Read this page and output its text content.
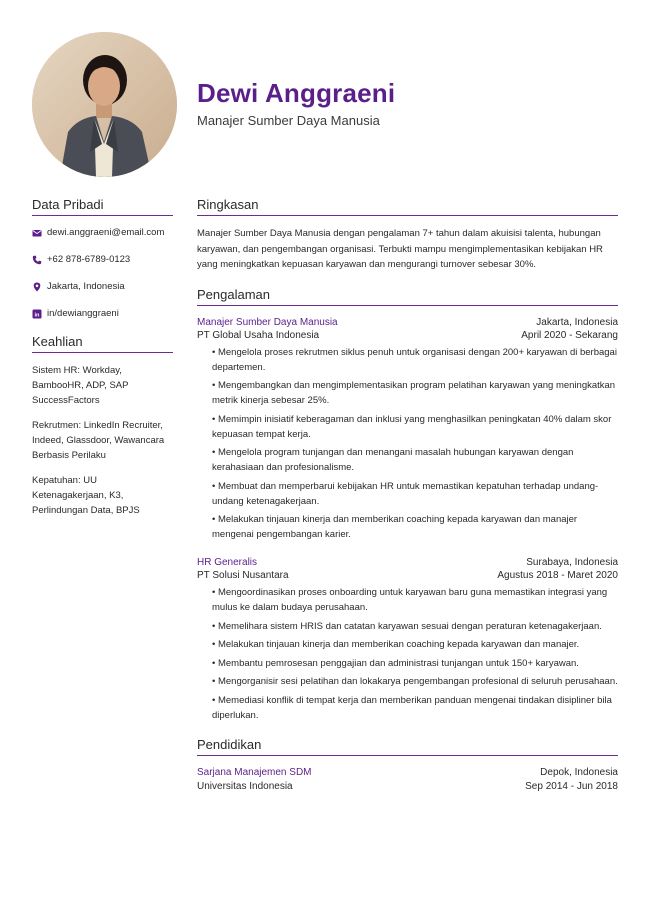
Dewi Anggraeni
Manajer Sumber Daya Manusia
Data Pribadi
dewi.anggraeni@email.com
+62 878-6789-0123
Jakarta, Indonesia
in in/dewianggraeni
Keahlian
Sistem HR: Workday, BambooHR, ADP, SAP SuccessFactors
Rekrutmen: LinkedIn Recruiter, Indeed, Glassdoor, Wawancara Berbasis Perilaku
Kepatuhan: UU Ketenagakerjaan, K3, Perlindungan Data, BPJS
Ringkasan

Manajer Sumber Daya Manusia dengan pengalaman 7+ tahun dalam akuisisi talenta, hubungan karyawan, dan pengembangan organisasi. Terbukti mampu mengimplementasikan kebijakan HR yang meningkatkan kepuasan karyawan dan mengurangi turnover sebesar 30%.

Pengalaman
Manajer Sumber Daya Manusia	Jakarta, Indonesia
PT Global Usaha Indonesia	April 2020 - Sekarang
• Mengelola proses rekrutmen siklus penuh untuk organisasi dengan 200+ karyawan di berbagai departemen.
• Mengembangkan dan mengimplementasikan program pelatihan karyawan yang meningkatkan metrik kinerja sebesar 25%.
• Memimpin inisiatif keberagaman dan inklusi yang menghasilkan peningkatan 40% dalam skor kepuasan tempat kerja.
• Mengelola program tunjangan dan menangani masalah hubungan karyawan dengan kerahasiaan dan profesionalisme.
• Membuat dan memperbarui kebijakan HR untuk memastikan kepatuhan terhadap undang-undang ketenagakerjaan.
• Melakukan tinjauan kinerja dan memberikan coaching kepada karyawan dan manajer mengenai pengembangan karier.
HR Generalis	Surabaya, Indonesia
PT Solusi Nusantara	Agustus 2018 - Maret 2020
• Mengoordinasikan proses onboarding untuk karyawan baru guna memastikan integrasi yang mulus ke dalam budaya perusahaan.
• Memelihara sistem HRIS dan catatan karyawan sesuai dengan peraturan ketenagakerjaan.
• Melakukan tinjauan kinerja dan memberikan coaching kepada karyawan dan manajer.
• Membantu pemrosesan penggajian dan administrasi tunjangan untuk 150+ karyawan.
• Mengorganisir sesi pelatihan dan lokakarya pengembangan profesional di seluruh perusahaan.
• Memediasi konflik di tempat kerja dan memberikan panduan mengenai tindakan disipliner bila diperlukan.
Pendidikan
Sarjana Manajemen SDM	Depok, Indonesia
Universitas Indonesia	Sep 2014 - Jun 2018
